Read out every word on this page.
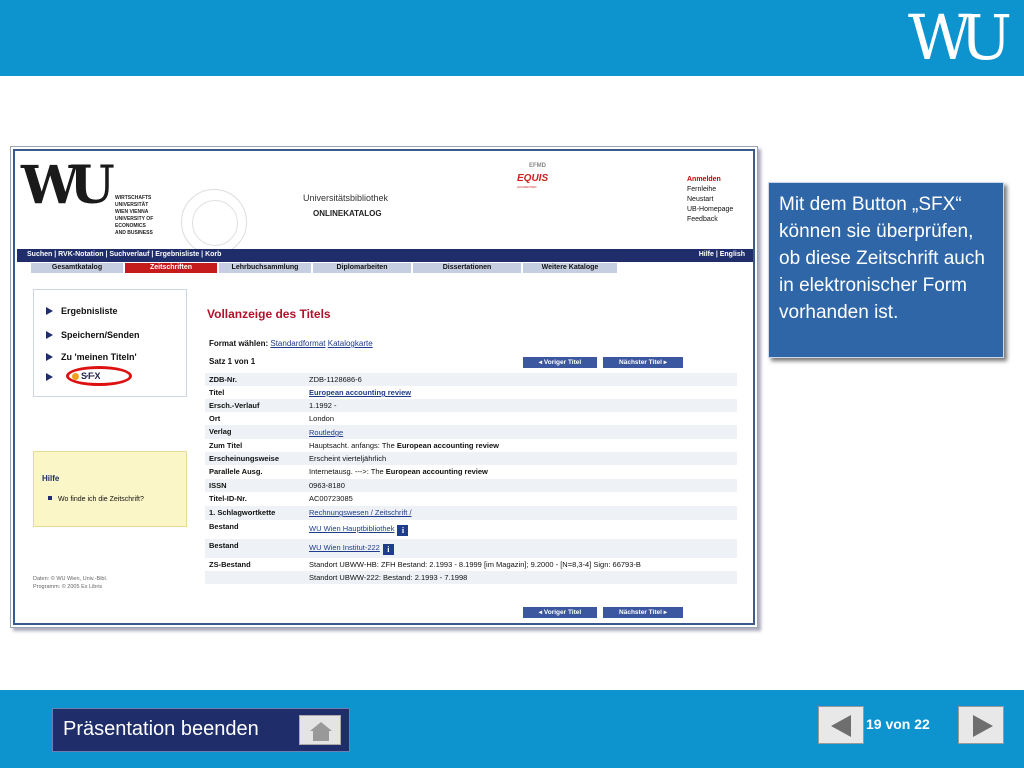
WU
WU WIRTSCHAFTS
UNIVERSITÄT
WIEN VIENNA
UNIVERSITY OF
ECONOMICS
AND BUSINESS
Universitätsbibliothek
ONLINEKATALOG
EFMD
EQUIS
ACCREDITED
Anmelden
Fernleihe
Neustart
UB-Homepage
Feedback
Suchen | RVK-Notation | Suchverlauf | Ergebnisliste | Korb	Hilfe | English
Gesamtkatalog	Zeitschriften	Lehrbuchsammlung	Diplomarbeiten	Dissertationen	Weitere Kataloge
Ergebnisliste
Speichern/Senden
Zu 'meinen Titeln'
S·F·X
Hilfe
Wo finde ich die Zeitschrift?
Daten: © WU Wien, Univ.-Bibl.
Programm: © 2005 Ex Libris
Vollanzeige des Titels
Format wählen: Standardformat Katalogkarte
Satz 1 von 1	◂ Voriger Titel	Nächster Titel ▸
ZDB-Nr.	ZDB-1128686-6
Titel	European accounting review
Ersch.-Verlauf	1.1992 -
Ort	London
Verlag	Routledge
Zum Titel	Hauptsacht. anfangs: The European accounting review
Erscheinungsweise	Erscheint vierteljährlich
Parallele Ausg.	Internetausg. --->: The European accounting review
ISSN	0963-8180
Titel-ID-Nr.	AC00723085
1. Schlagwortkette	Rechnungswesen / Zeitschrift /
Bestand	WU Wien Hauptbibliothek i
Bestand	WU Wien Institut-222 i
ZS-Bestand	Standort UBWW-HB: ZFH Bestand: 2.1993 - 8.1999 [im Magazin]; 9.2000 - [N=8,3-4] Sign: 66793-B
Standort UBWW-222: Bestand: 2.1993 - 7.1998
◂ Voriger Titel	Nächster Titel ▸

Mit dem Button „SFX“ können sie überprüfen, ob diese Zeitschrift auch in elektronischer Form vorhanden ist.

Präsentation beenden	19 von 22
